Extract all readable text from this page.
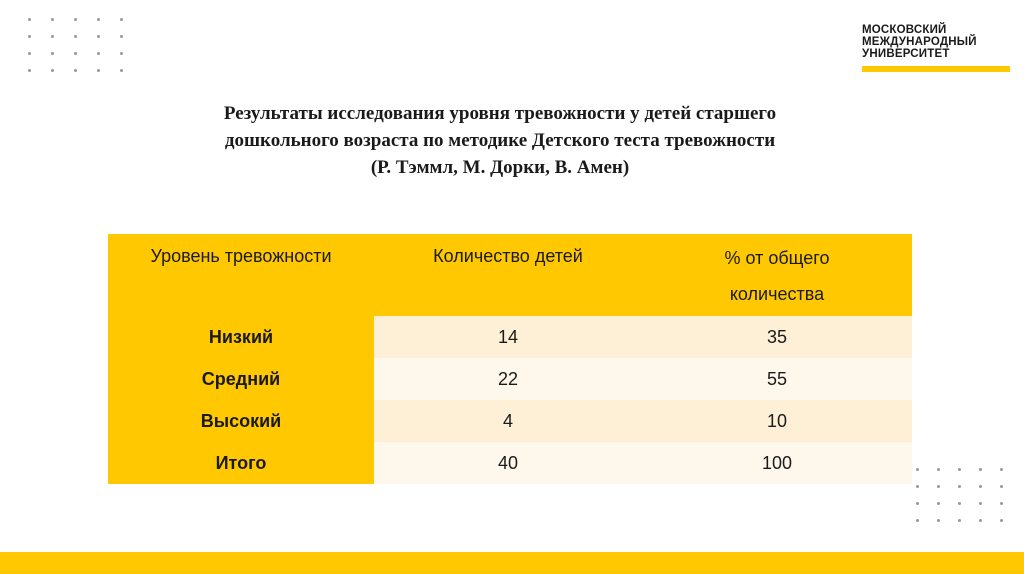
МОСКОВСКИЙ
МЕЖДУНАРОДНЫЙ
УНИВЕРСИТЕТ
Результаты исследования уровня тревожности у детей старшего
дошкольного возраста по методике Детского теста тревожности
(Р. Тэммл, М. Дорки, В. Амен)
Уровень тревожности	Количество детей	% от общего
количества

Низкий	14	35
Средний	22	55
Высокий	4	10
Итого	40	100
